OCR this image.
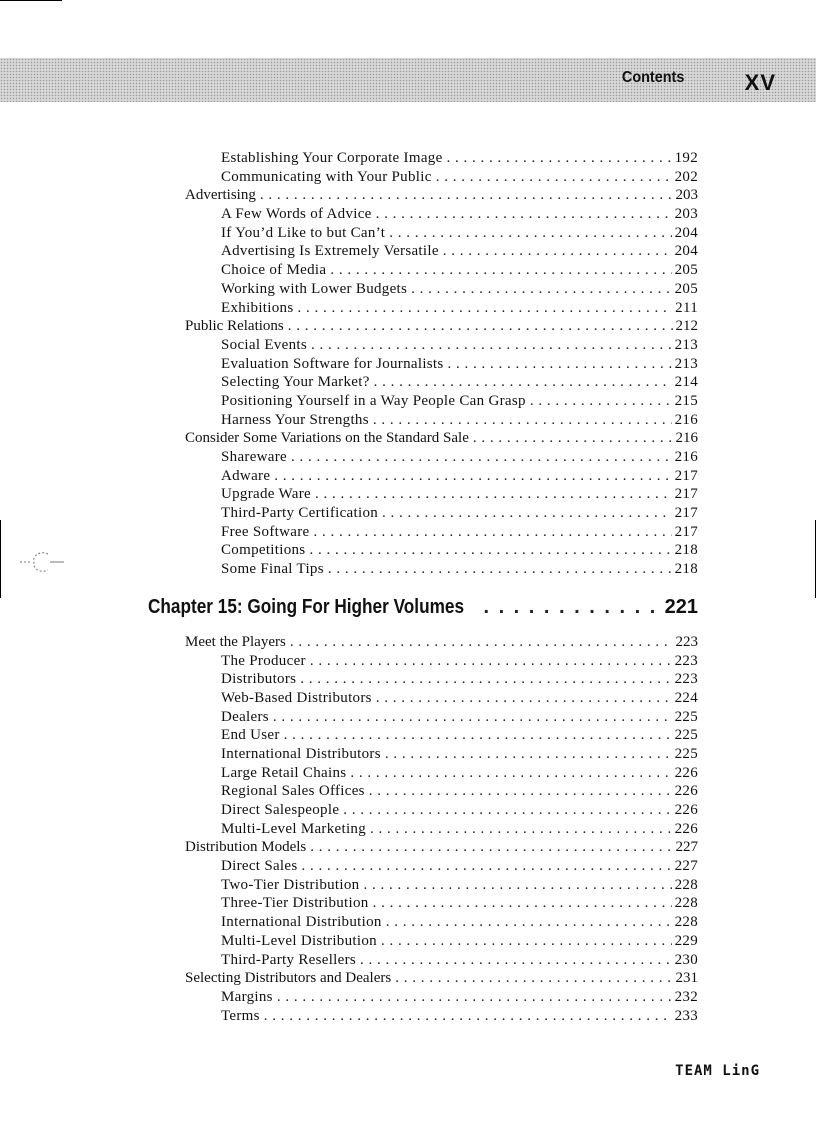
Contents	XV
Establishing Your Corporate Image . . .	192
Communicating with Your Public . . .	202
Advertising . . .	203
A Few Words of Advice . . .	203
If You’d Like to but Can’t . . .	204
Advertising Is Extremely Versatile . . .	204
Choice of Media . . .	205
Working with Lower Budgets . . .	205
Exhibitions . . .	211
Public Relations . . .	212
Social Events . . .	213
Evaluation Software for Journalists . . .	213
Selecting Your Market? . . .	214
Positioning Yourself in a Way People Can Grasp . . .	215
Harness Your Strengths . . .	216
Consider Some Variations on the Standard Sale . . .	216
Shareware . . .	216
Adware . . .	217
Upgrade Ware . . .	217
Third-Party Certification . . .	217
Free Software . . .	217
Competitions . . .	218
Some Final Tips . . .	218
Chapter 15: Going For Higher Volumes . . .	221
Meet the Players . . .	223
The Producer . . .	223
Distributors . . .	223
Web-Based Distributors . . .	224
Dealers . . .	225
End User . . .	225
International Distributors . . .	225
Large Retail Chains . . .	226
Regional Sales Offices . . .	226
Direct Salespeople . . .	226
Multi-Level Marketing . . .	226
Distribution Models . . .	227
Direct Sales . . .	227
Two-Tier Distribution . . .	228
Three-Tier Distribution . . .	228
International Distribution . . .	228
Multi-Level Distribution . . .	229
Third-Party Resellers . . .	230
Selecting Distributors and Dealers . . .	231
Margins . . .	232
Terms . . .	233
TEAM LinG
